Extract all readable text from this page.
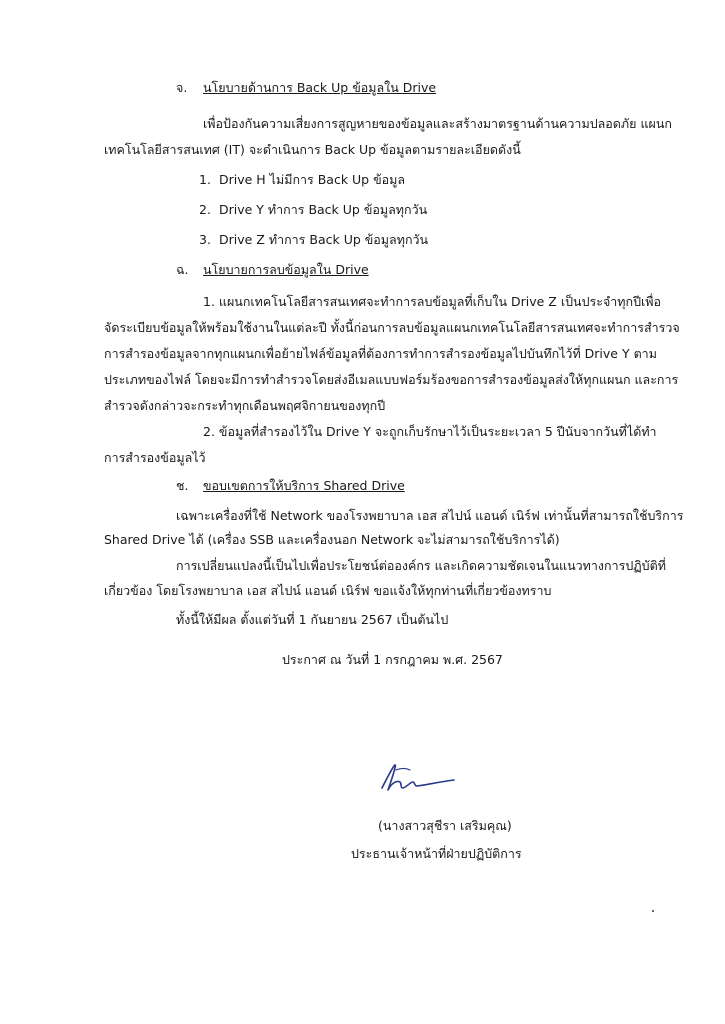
จ. นโยบายด้านการ Back Up ข้อมูลใน Drive
เพื่อป้องกันความเสี่ยงการสูญหายของข้อมูลและสร้างมาตรฐานด้านความปลอดภัย แผนก
เทคโนโลยีสารสนเทศ (IT) จะดำเนินการ Back Up ข้อมูลตามรายละเอียดดังนี้
1. Drive H ไม่มีการ Back Up ข้อมูล
2. Drive Y ทำการ Back Up ข้อมูลทุกวัน
3. Drive Z ทำการ Back Up ข้อมูลทุกวัน
ฉ. นโยบายการลบข้อมูลใน Drive
1. แผนกเทคโนโลยีสารสนเทศจะทำการลบข้อมูลที่เก็บใน Drive Z เป็นประจำทุกปีเพื่อ
จัดระเบียบข้อมูลให้พร้อมใช้งานในแต่ละปี ทั้งนี้ก่อนการลบข้อมูลแผนกเทคโนโลยีสารสนเทศจะทำการสำรวจ
การสำรองข้อมูลจากทุกแผนกเพื่อย้ายไฟล์ข้อมูลที่ต้องการทำการสำรองข้อมูลไปบันทึกไว้ที่ Drive Y ตาม
ประเภทของไฟล์ โดยจะมีการทำสำรวจโดยส่งอีเมลแบบฟอร์มร้องขอการสำรองข้อมูลส่งให้ทุกแผนก และการ
สำรวจดังกล่าวจะกระทำทุกเดือนพฤศจิกายนของทุกปี
2. ข้อมูลที่สำรองไว้ใน Drive Y จะถูกเก็บรักษาไว้เป็นระยะเวลา 5 ปีนับจากวันที่ได้ทำ
การสำรองข้อมูลไว้
ช. ขอบเขตการให้บริการ Shared Drive
เฉพาะเครื่องที่ใช้ Network ของโรงพยาบาล เอส สไปน์ แอนด์ เนิร์ฟ เท่านั้นที่สามารถใช้บริการ
Shared Drive ได้ (เครื่อง SSB และเครื่องนอก Network จะไม่สามารถใช้บริการได้)
การเปลี่ยนแปลงนี้เป็นไปเพื่อประโยชน์ต่อองค์กร และเกิดความชัดเจนในแนวทางการปฏิบัติที่
เกี่ยวข้อง โดยโรงพยาบาล เอส สไปน์ แอนด์ เนิร์ฟ ขอแจ้งให้ทุกท่านที่เกี่ยวข้องทราบ
ทั้งนี้ให้มีผล ตั้งแต่วันที่ 1 กันยายน 2567 เป็นต้นไป
ประกาศ ณ วันที่ 1 กรกฎาคม พ.ศ. 2567
(นางสาวสุชีรา เสริมคุณ)
ประธานเจ้าหน้าที่ฝ่ายปฏิบัติการ
